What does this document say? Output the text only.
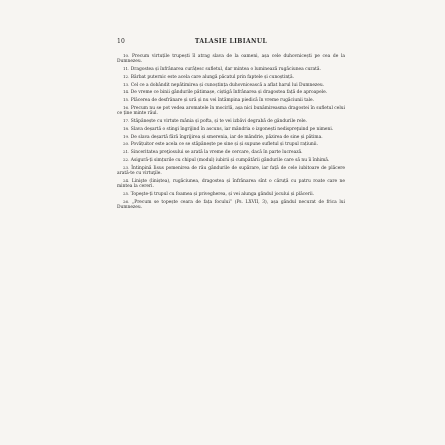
10	TALASIE LIBIANUL

10. Precum virtuțile trupești îl atrag slava de la oameni, așa cele duhovnicești pe cea de la Dumnezeu.

11. Dragostea și înfrânarea curățesc sufletul, dar mintea o luminează rugăciunea curată.

12. Bărbat puternic este acela care alungă păcatul prin faptele și cunoștință.

13. Cel ce a dobândit nepătimirea și cunoștința duhovnicească a aflat harul lui Dumnezeu.

14. De vreme ce binii gândurile pătimașe, ciștigă înfrânarea și dragostea față de aproapele.

15. Plăcerea de desfrânare și urâ și nu vei întâmpina piedică în vreme rugăciunii tale.

16. Precum nu se pot vedea aromatele în mocirlă, așa nici bunămireasma dragostei în sufletul celui ce ține minte răul.

17. Stăpânește cu virtute mânia și pofta, și te vei izbăvi degrabă de gândurile rele.

18. Slava deșartă o stingi îngrijind în ascuns, iar mândria o izgonești nedispreţuind pe nimeni.

19. De slava deșartă fără îngrijirea și smerenia, iar de mândrie, păzirea de sine și pătima.

20. Povățuitor este acela ce se stăpânește pe sine și și supune sufletul și trupul rațiunii.

21. Sinceritatea preţiosului se arată la vreme de cercare, dacă în parte lucrează.

22. Asigură-ți simțurile cu chipul (modul) iubirii și cumpătării gândurile care să nu îi înhimă.

23. Întinpină Iisus pomenirea de rău gândurile de supărare, iar față de cele iubitoare de plăcere arată-te cu virtuţile.

24. Linişte (liniștea), rugăciunea, dragostea și înfrânarea sînt o căruță cu patru roate care ne mintea la cereri.

25. Topeşte-ți trupul cu foamea și privegherea, și vei alunga gândul jocului și plăcerii.

26. „Precum se topește ceara de fața focului” (Ps. LXVII, 3), așa gândul necurat de frica lui Dumnezeu.
